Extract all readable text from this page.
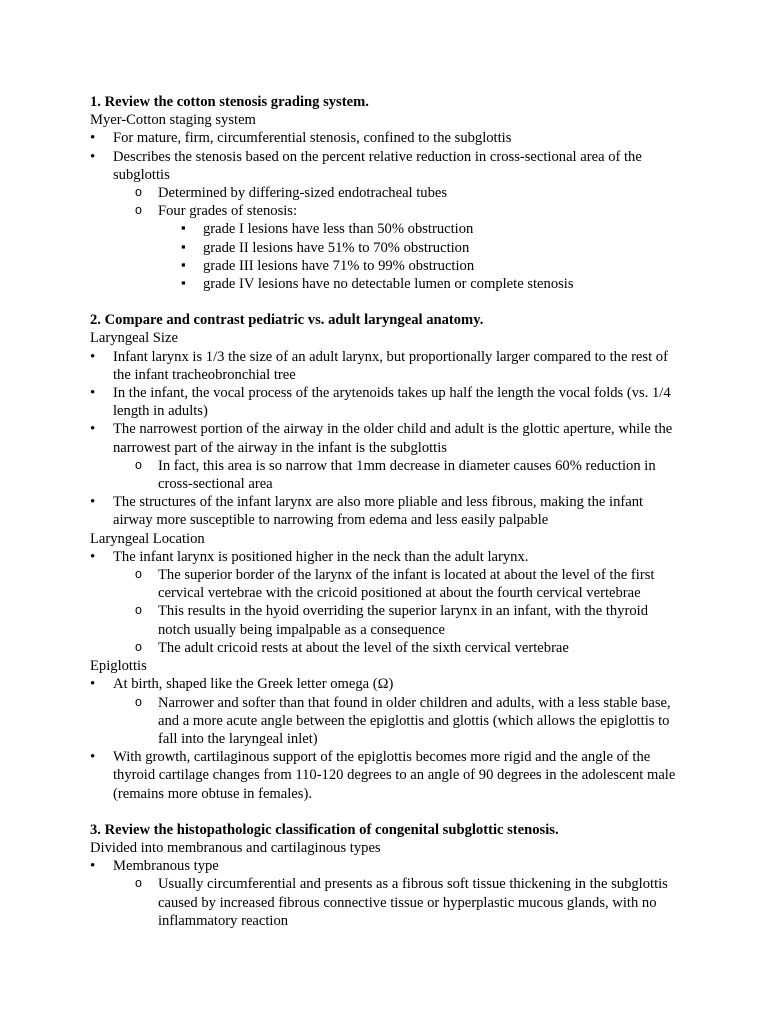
1. Review the cotton stenosis grading system.

Myer-Cotton staging system

• For mature, firm, circumferential stenosis, confined to the subglottis
• Describes the stenosis based on the percent relative reduction in cross-sectional area of the subglottis
o Determined by differing-sized endotracheal tubes
o Four grades of stenosis:
▪ grade I lesions have less than 50% obstruction
▪ grade II lesions have 51% to 70% obstruction
▪ grade III lesions have 71% to 99% obstruction
▪ grade IV lesions have no detectable lumen or complete stenosis

2. Compare and contrast pediatric vs. adult laryngeal anatomy.

Laryngeal Size

• Infant larynx is 1/3 the size of an adult larynx, but proportionally larger compared to the rest of the infant tracheobronchial tree
• In the infant, the vocal process of the arytenoids takes up half the length the vocal folds (vs. 1/4 length in adults)
• The narrowest portion of the airway in the older child and adult is the glottic aperture, while the narrowest part of the airway in the infant is the subglottis
o In fact, this area is so narrow that 1mm decrease in diameter causes 60% reduction in cross-sectional area
• The structures of the infant larynx are also more pliable and less fibrous, making the infant airway more susceptible to narrowing from edema and less easily palpable

Laryngeal Location

• The infant larynx is positioned higher in the neck than the adult larynx.
o The superior border of the larynx of the infant is located at about the level of the first cervical vertebrae with the cricoid positioned at about the fourth cervical vertebrae
o This results in the hyoid overriding the superior larynx in an infant, with the thyroid notch usually being impalpable as a consequence
o The adult cricoid rests at about the level of the sixth cervical vertebrae

Epiglottis

• At birth, shaped like the Greek letter omega (Ω)
o Narrower and softer than that found in older children and adults, with a less stable base, and a more acute angle between the epiglottis and glottis (which allows the epiglottis to fall into the laryngeal inlet)
• With growth, cartilaginous support of the epiglottis becomes more rigid and the angle of the thyroid cartilage changes from 110-120 degrees to an angle of 90 degrees in the adolescent male (remains more obtuse in females).

3. Review the histopathologic classification of congenital subglottic stenosis.

Divided into membranous and cartilaginous types

• Membranous type
o Usually circumferential and presents as a fibrous soft tissue thickening in the subglottis caused by increased fibrous connective tissue or hyperplastic mucous glands, with no inflammatory reaction
